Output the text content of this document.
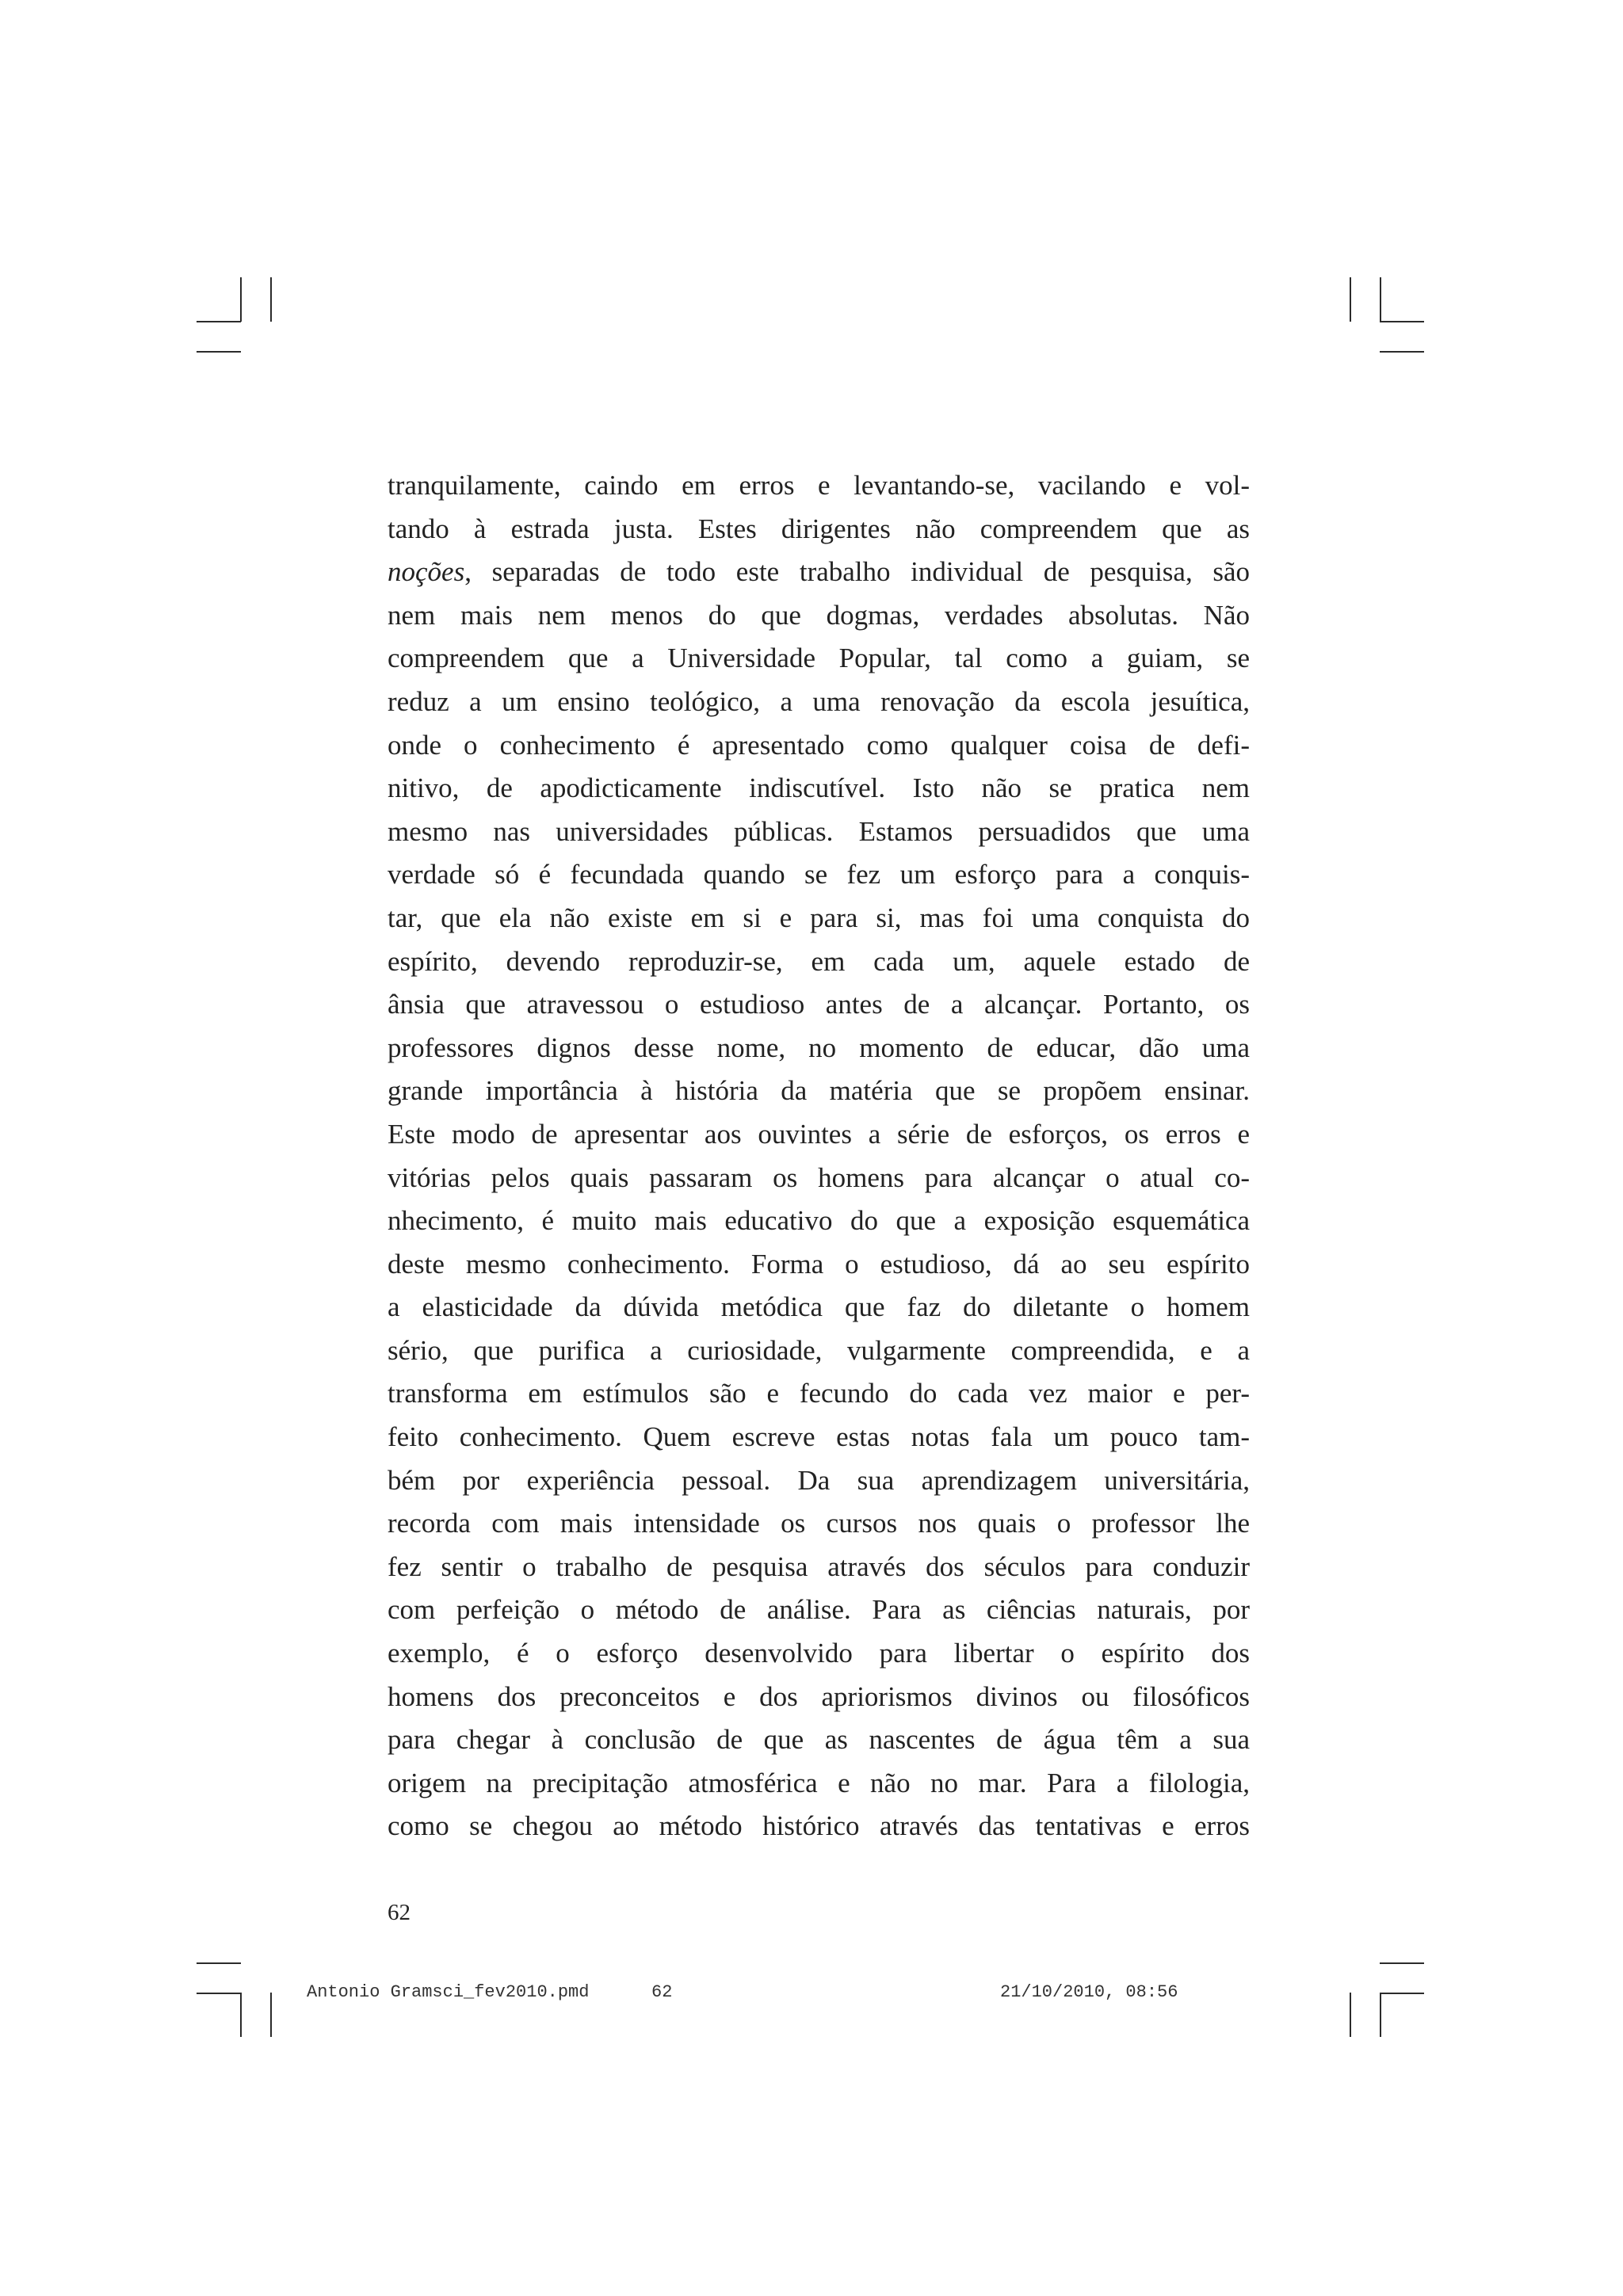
tranquilamente, caindo em erros e levantando-se, vacilando e vol-
tando à estrada justa. Estes dirigentes não compreendem que as
noções, separadas de todo este trabalho individual de pesquisa, são
nem mais nem menos do que dogmas, verdades absolutas. Não
compreendem que a Universidade Popular, tal como a guiam, se
reduz a um ensino teológico, a uma renovação da escola jesuítica,
onde o conhecimento é apresentado como qualquer coisa de defi-
nitivo, de apodicticamente indiscutível. Isto não se pratica nem
mesmo nas universidades públicas. Estamos persuadidos que uma
verdade só é fecundada quando se fez um esforço para a conquis-
tar, que ela não existe em si e para si, mas foi uma conquista do
espírito, devendo reproduzir-se, em cada um, aquele estado de
ânsia que atravessou o estudioso antes de a alcançar. Portanto, os
professores dignos desse nome, no momento de educar, dão uma
grande importância à história da matéria que se propõem ensinar.
Este modo de apresentar aos ouvintes a série de esforços, os erros e
vitórias pelos quais passaram os homens para alcançar o atual co-
nhecimento, é muito mais educativo do que a exposição esquemática
deste mesmo conhecimento. Forma o estudioso, dá ao seu espírito
a elasticidade da dúvida metódica que faz do diletante o homem
sério, que purifica a curiosidade, vulgarmente compreendida, e a
transforma em estímulos são e fecundo do cada vez maior e per-
feito conhecimento. Quem escreve estas notas fala um pouco tam-
bém por experiência pessoal. Da sua aprendizagem universitária,
recorda com mais intensidade os cursos nos quais o professor lhe
fez sentir o trabalho de pesquisa através dos séculos para conduzir
com perfeição o método de análise. Para as ciências naturais, por
exemplo, é o esforço desenvolvido para libertar o espírito dos
homens dos preconceitos e dos apriorismos divinos ou filosóficos
para chegar à conclusão de que as nascentes de água têm a sua
origem na precipitação atmosférica e não no mar. Para a filologia,
como se chegou ao método histórico através das tentativas e erros
62
Antonio Gramsci_fev2010.pmd	62	21/10/2010, 08:56
